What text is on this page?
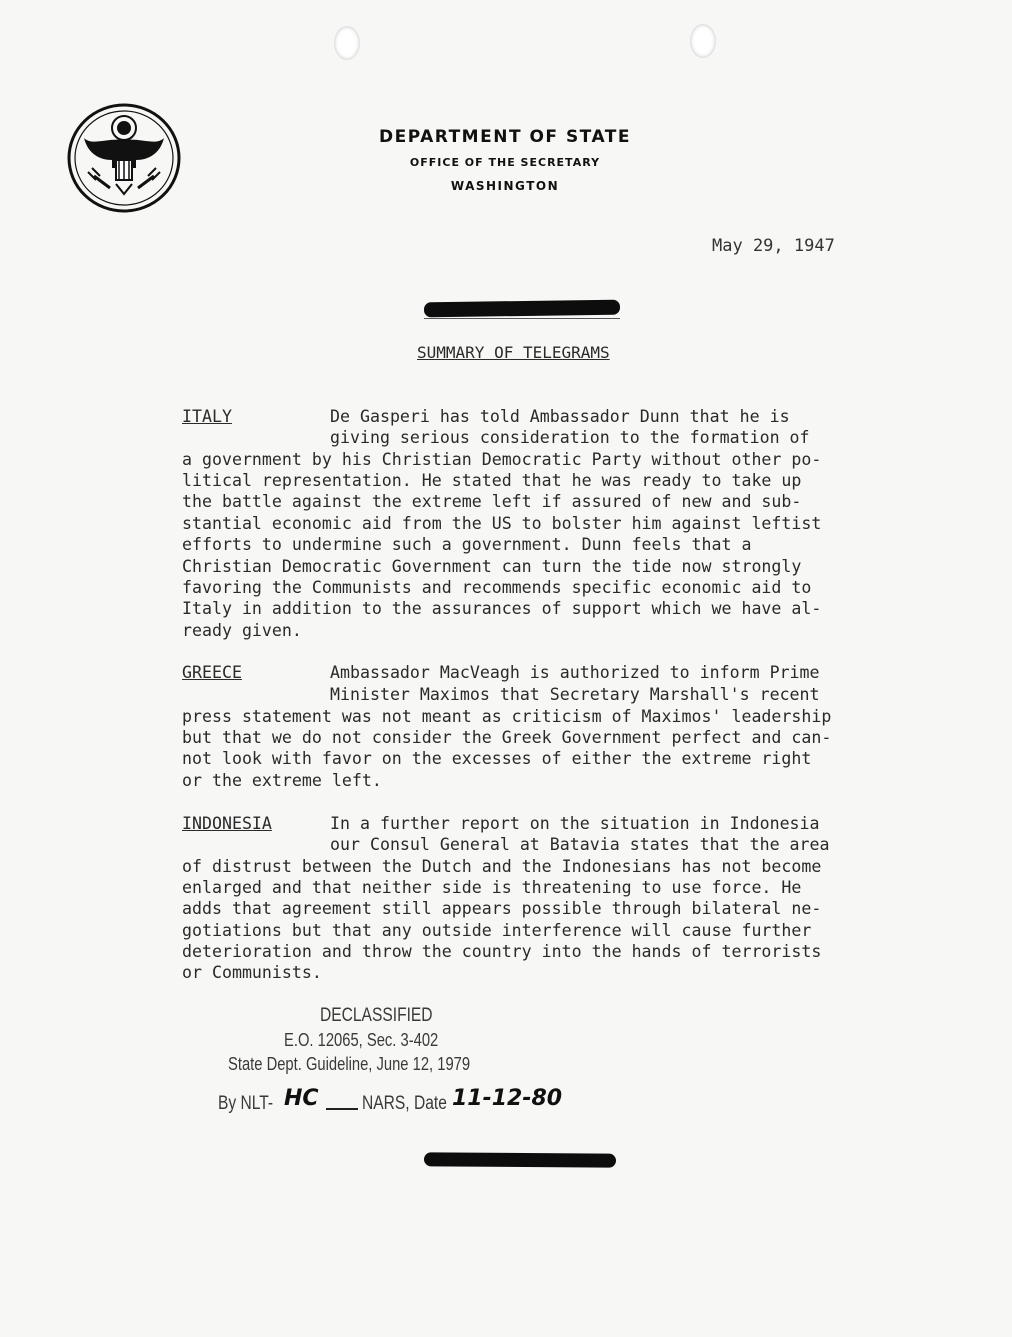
DEPARTMENT OF STATE
OFFICE OF THE SECRETARY
WASHINGTON
May 29, 1947
SUMMARY OF TELEGRAMS
ITALY	De Gasperi has told Ambassador Dunn that he is
giving serious consideration to the formation of
a government by his Christian Democratic Party without other po-
litical representation. He stated that he was ready to take up
the battle against the extreme left if assured of new and sub-
stantial economic aid from the US to bolster him against leftist
efforts to undermine such a government. Dunn feels that a
Christian Democratic Government can turn the tide now strongly
favoring the Communists and recommends specific economic aid to
Italy in addition to the assurances of support which we have al-
ready given.
GREECE	Ambassador MacVeagh is authorized to inform Prime
Minister Maximos that Secretary Marshall's recent
press statement was not meant as criticism of Maximos' leadership
but that we do not consider the Greek Government perfect and can-
not look with favor on the excesses of either the extreme right
or the extreme left.
INDONESIA	In a further report on the situation in Indonesia
our Consul General at Batavia states that the area
of distrust between the Dutch and the Indonesians has not become
enlarged and that neither side is threatening to use force. He
adds that agreement still appears possible through bilateral ne-
gotiations but that any outside interference will cause further
deterioration and throw the country into the hands of terrorists
or Communists.
DECLASSIFIED
E.O. 12065, Sec. 3-402
State Dept. Guideline, June 12, 1979
By NLT- HC NARS, Date 11-12-80
